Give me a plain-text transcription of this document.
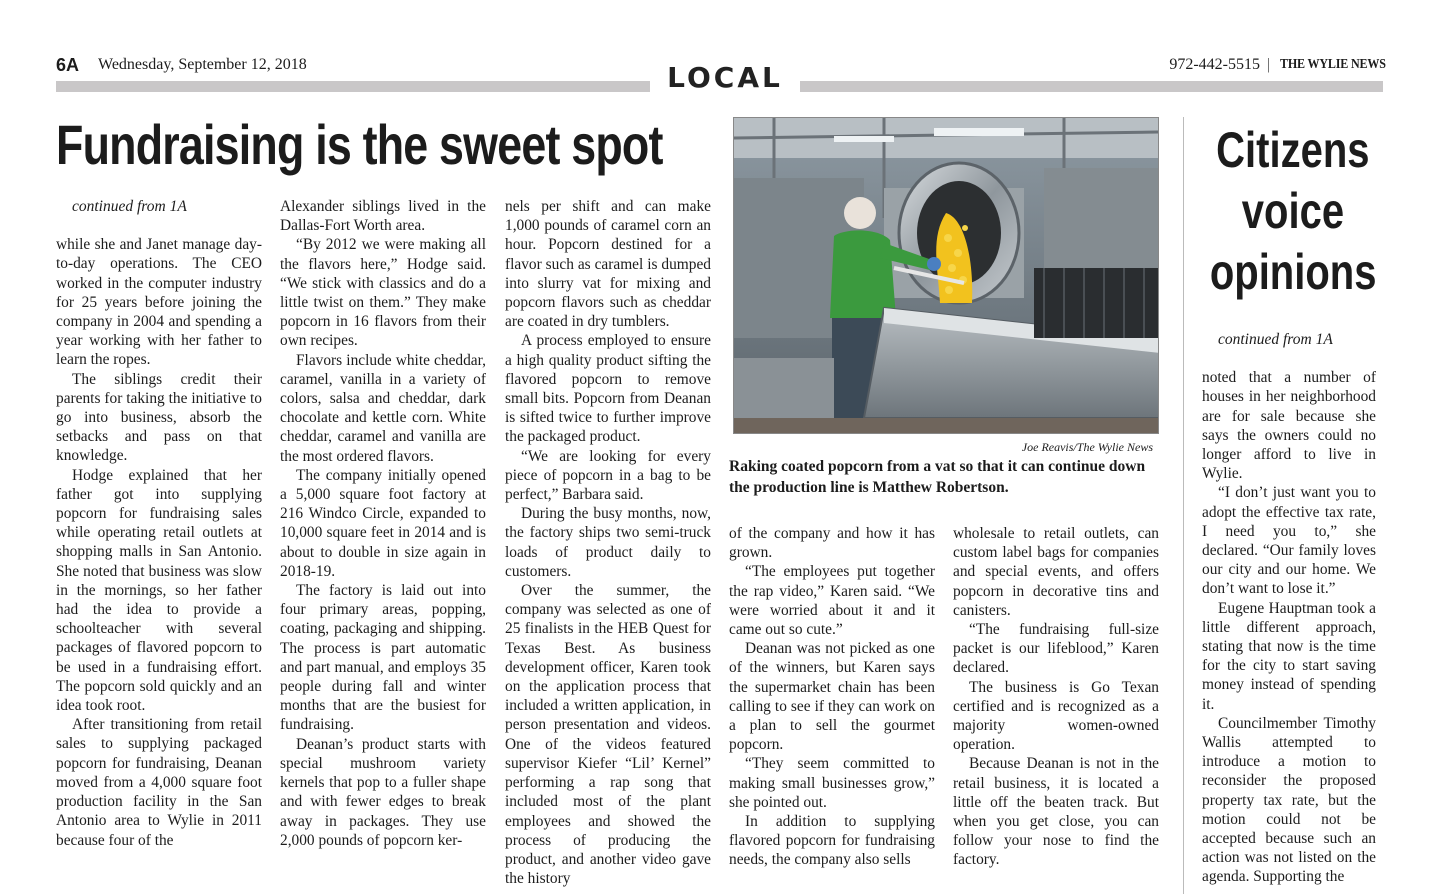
6A Wednesday, September 12, 2018	972-442-5515 | THE WYLIE NEWS
LOCAL
Fundraising is the sweet spot
continued from 1A

while she and Janet manage day-to-day operations. The CEO worked in the computer industry for 25 years before joining the company in 2004 and spending a year working with her father to learn the ropes.

The siblings credit their parents for taking the initiative to go into business, absorb the setbacks and pass on that knowledge.

Hodge explained that her father got into supplying popcorn for fundraising sales while operating retail outlets at shopping malls in San Antonio. She noted that business was slow in the mornings, so her father had the idea to provide a schoolteacher with several packages of flavored popcorn to be used in a fundraising effort. The popcorn sold quickly and an idea took root.

After transitioning from retail sales to supplying packaged popcorn for fundraising, Deanan moved from a 4,000 square foot production facility in the San Antonio area to Wylie in 2011 because four of the

Alexander siblings lived in the Dallas-Fort Worth area.

“By 2012 we were making all the flavors here,” Hodge said. “We stick with classics and do a little twist on them.” They make popcorn in 16 flavors from their own recipes.

Flavors include white cheddar, caramel, vanilla in a variety of colors, salsa and cheddar, dark chocolate and kettle corn. White cheddar, caramel and vanilla are the most ordered flavors.

The company initially opened a 5,000 square foot factory at 216 Windco Circle, expanded to 10,000 square feet in 2014 and is about to double in size again in 2018-19.

The factory is laid out into four primary areas, popping, coating, packaging and shipping. The process is part automatic and part manual, and employs 35 people during fall and winter months that are the busiest for fundraising.

Deanan’s product starts with special mushroom variety kernels that pop to a fuller shape and with fewer edges to break away in packages. They use 2,000 pounds of popcorn ker-

nels per shift and can make 1,000 pounds of caramel corn an hour. Popcorn destined for a flavor such as caramel is dumped into slurry vat for mixing and popcorn flavors such as cheddar are coated in dry tumblers.

A process employed to ensure a high quality product sifting the flavored popcorn to remove small bits. Popcorn from Deanan is sifted twice to further improve the packaged product.

“We are looking for every piece of popcorn in a bag to be perfect,” Barbara said.

During the busy months, now, the factory ships two semi-truck loads of product daily to customers.

Over the summer, the company was selected as one of 25 finalists in the HEB Quest for Texas Best. As business development officer, Karen took on the application process that included a written application, in person presentation and videos. One of the videos featured supervisor Kiefer “Lil’ Kernel” performing a rap song that included most of the plant employees and showed the process of producing the product, and another video gave the history

of the company and how it has grown.

“The employees put together the rap video,” Karen said. “We were worried about it and it came out so cute.”

Deanan was not picked as one of the winners, but Karen says the supermarket chain has been calling to see if they can work on a plan to sell the gourmet popcorn.

“They seem committed to making small businesses grow,” she pointed out.

In addition to supplying flavored popcorn for fundraising needs, the company also sells

wholesale to retail outlets, can custom label bags for companies and special events, and offers popcorn in decorative tins and canisters.

“The fundraising full-size packet is our lifeblood,” Karen declared.

The business is Go Texan certified and is recognized as a majority women-owned operation.

Because Deanan is not in the retail business, it is located a little off the beaten track. But when you get close, you can follow your nose to find the factory.

Joe Reavis/The Wylie News
Raking coated popcorn from a vat so that it can continue down the production line is Matthew Robertson.
Citizens
voice
opinions
continued from 1A

noted that a number of houses in her neighborhood are for sale because she says the owners could no longer afford to live in Wylie.

“I don’t just want you to adopt the effective tax rate, I need you to,” she declared. “Our family loves our city and our home. We don’t want to lose it.”

Eugene Hauptman took a little different approach, stating that now is the time for the city to start saving money instead of spending it.

Councilmember Timothy Wallis attempted to introduce a motion to reconsider the proposed property tax rate, but the motion could not be accepted because such an action was not listed on the agenda. Supporting the
